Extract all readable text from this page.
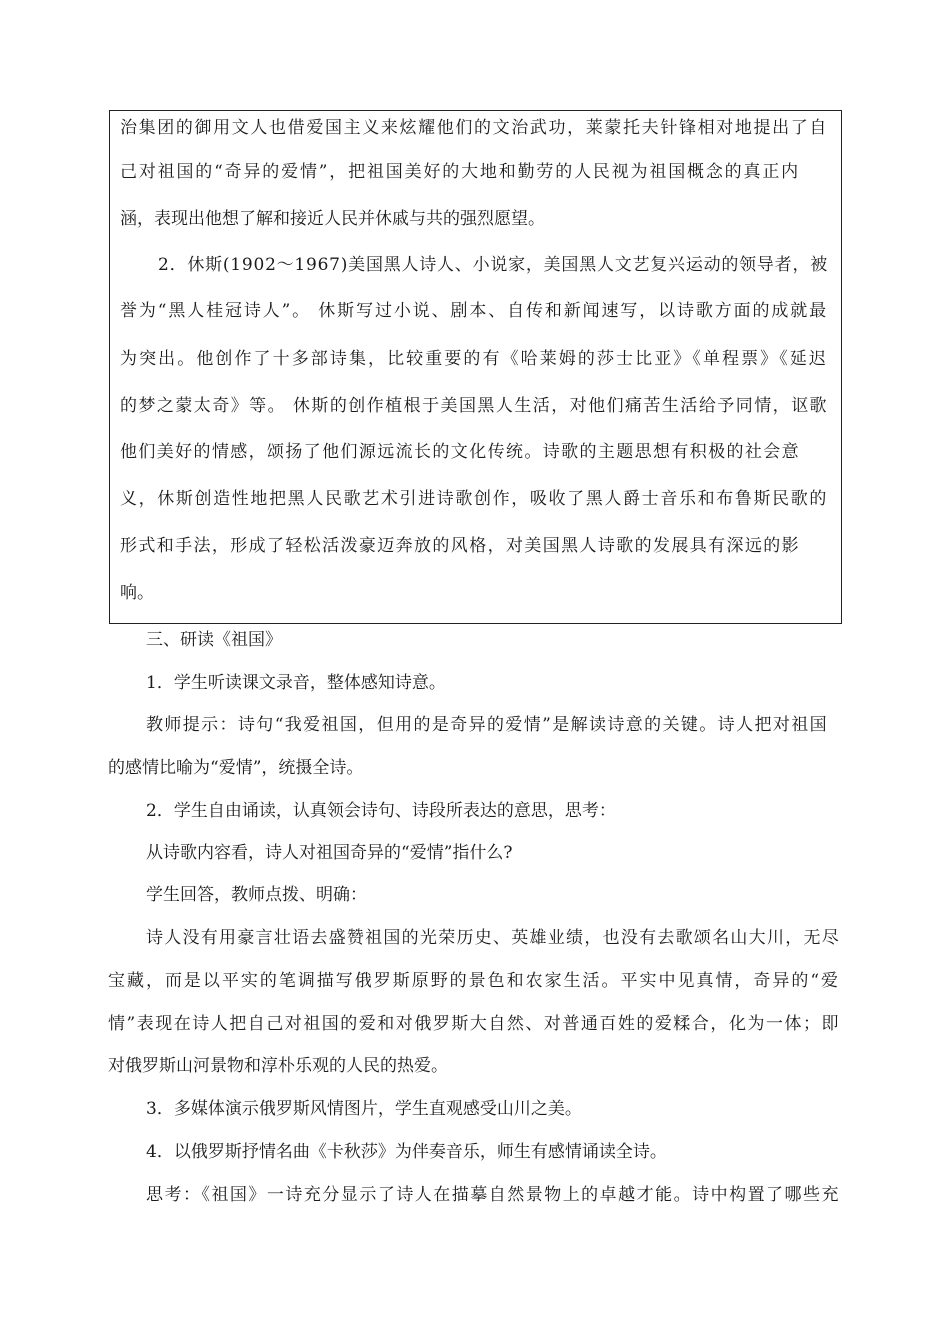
治集团的御用文人也借爱国主义来炫耀他们的文治武功，莱蒙托夫针锋相对地提出了自
己对祖国的“奇异的爱情”，把祖国美好的大地和勤劳的人民视为祖国概念的真正内
涵，表现出他想了解和接近人民并休戚与共的强烈愿望。
2．休斯(1902～1967)美国黑人诗人、小说家，美国黑人文艺复兴运动的领导者，被
誉为“黑人桂冠诗人”。 休斯写过小说、剧本、自传和新闻速写，以诗歌方面的成就最
为突出。他创作了十多部诗集，比较重要的有《哈莱姆的莎士比亚》《单程票》《延迟
的梦之蒙太奇》等。 休斯的创作植根于美国黑人生活，对他们痛苦生活给予同情，讴歌
他们美好的情感，颂扬了他们源远流长的文化传统。诗歌的主题思想有积极的社会意
义，休斯创造性地把黑人民歌艺术引进诗歌创作，吸收了黑人爵士音乐和布鲁斯民歌的
形式和手法，形成了轻松活泼豪迈奔放的风格，对美国黑人诗歌的发展具有深远的影
响。
三、研读《祖国》
1．学生听读课文录音，整体感知诗意。
教师提示：诗句“我爱祖国，但用的是奇异的爱情”是解读诗意的关键。诗人把对祖国
的感情比喻为“爱情”，统摄全诗。
2．学生自由诵读，认真领会诗句、诗段所表达的意思，思考：
从诗歌内容看，诗人对祖国奇异的“爱情”指什么?
学生回答，教师点拨、明确：
诗人没有用豪言壮语去盛赞祖国的光荣历史、英雄业绩，也没有去歌颂名山大川，无尽
宝藏，而是以平实的笔调描写俄罗斯原野的景色和农家生活。平实中见真情，奇异的“爱
情”表现在诗人把自己对祖国的爱和对俄罗斯大自然、对普通百姓的爱糅合，化为一体；即
对俄罗斯山河景物和淳朴乐观的人民的热爱。
3．多媒体演示俄罗斯风情图片，学生直观感受山川之美。
4．以俄罗斯抒情名曲《卡秋莎》为伴奏音乐，师生有感情诵读全诗。
思考：《祖国》一诗充分显示了诗人在描摹自然景物上的卓越才能。诗中构置了哪些充
